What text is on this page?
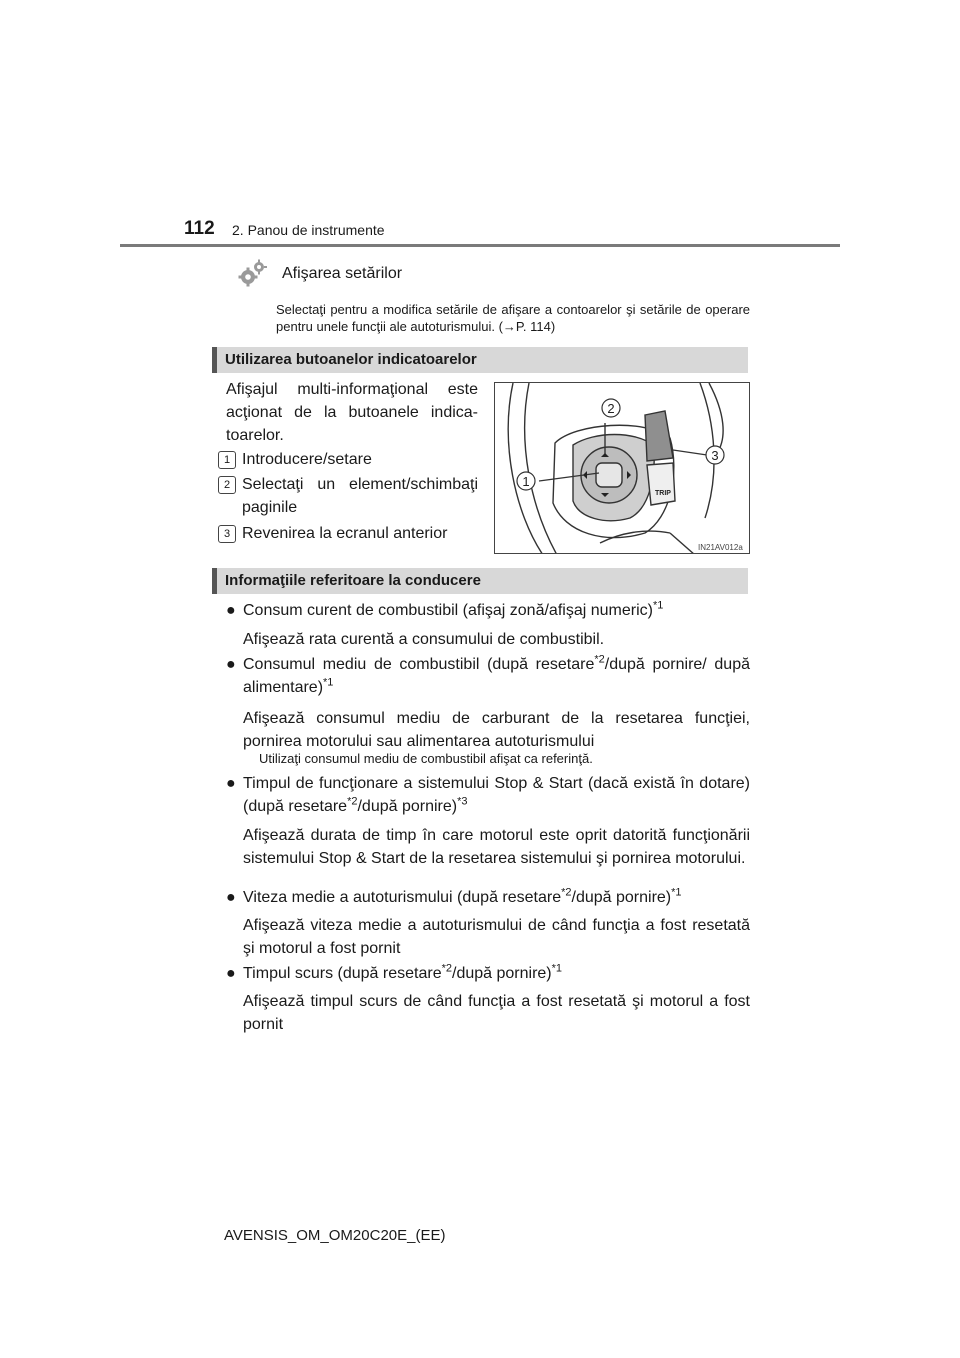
112 2. Panou de instrumente
Afişarea setărilor
Selectaţi pentru a modifica setările de afişare a contoarelor şi setările de operare pentru unele funcţii ale autoturismului. (→P. 114)
Utilizarea butoanelor indicatoarelor
Afişajul multi-informaţional este acţionat de la butoanele indica- toarelor.
1 Introducere/setare
2 Selectaţi un element/schimbaţi paginile
3 Revenirea la ecranul anterior
2
1
3
TRIP
IN21AV012a
Informaţiile referitoare la conducere
● Consum curent de combustibil (afişaj zonă/afişaj numeric)$^{*1}$
Afişează rata curentă a consumului de combustibil.
● Consumul mediu de combustibil (după resetare$^{*2}$/după pornire/ după alimentare)$^{*1}$
Afişează consumul mediu de carburant de la resetarea funcţiei, pornirea motorului sau alimentarea autoturismului
Utilizaţi consumul mediu de combustibil afişat ca referinţă.
● Timpul de funcţionare a sistemului Stop & Start (dacă există în dotare) (după resetare$^{*2}$/după pornire)$^{*3}$
Afişează durata de timp în care motorul este oprit datorită funcţionării sistemului Stop & Start de la resetarea sistemului şi pornirea motorului.
● Viteza medie a autoturismului (după resetare$^{*2}$/după pornire)$^{*1}$
Afişează viteza medie a autoturismului de când funcţia a fost resetată şi motorul a fost pornit
● Timpul scurs (după resetare$^{*2}$/după pornire)$^{*1}$
Afişează timpul scurs de când funcţia a fost resetată şi motorul a fost pornit
AVENSIS_OM_OM20C20E_(EE)
